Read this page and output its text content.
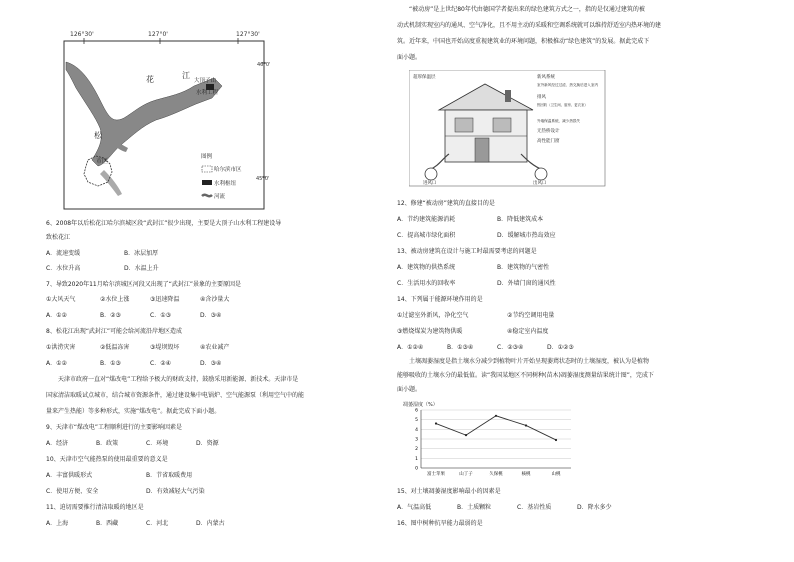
126°30'	127°0'	127°30'
46°0'
45°0'
大顶子山
水利工程
花	江
松
市区
图例
哈尔滨市区
水利枢纽
河流
6、2008年以后松花江哈尔滨城区段“武封江”很少出现，主要是大顶子山水利工程建设导
致松花江
A．流速变缓	B．冰层加厚
C．水位升高	D．水温上升
7、导致2020年11月哈尔滨城区河段又出现了“武封江”景象的主要原因是
①大风天气	②水位上涨	③迅速降温	④含沙量大
A．①②	B．②③	C．①③	D．③④
8、松花江出现“武封江”可能会给河流沿岸地区造成
①洪涝灾害	②低温冻害	③堤坝毁坏	④农业减产
A．①②	B．①③	C．②④	D．③④
天津市政府一直对“煤改电”工程给予极大的财政支持，鼓励采用新能源、新技术。天津市是
国家清洁取暖试点城市，结合城市资源条件，通过建设集中电锅炉、空气能源泵（利用空气中的能
量来产生热能）等多种形式，实施“煤改电”。据此完成下面小题。
9、天津市“煤改电”工程顺利进行的主要影响因素是
A．经济	B．政策	C．环境	D．资源
10、天津市空气能热泵的使用最重要的意义是
A．丰富供暖形式	B．节省取暖费用
C．使用方便、安全	D．有效减轻大气污染
11、迫切需要推行清洁取暖的地区是
A．上海	B．西藏	C．河北	D．内蒙古
“被动房”是上世纪80年代由德国学者提出来的绿色建筑方式之一，指的是仅通过建筑的被
动式机制实现室内的通风、空气净化，且不用主动的采暖和空调系统就可以维持舒适室内热环境的建
筑。近年来，中国也开始高度重视建筑业的环境问题，积极推动“绿色建筑”的发展。据此完成下
面小题。
进风口	出风口
新风系统
室外新风经过过滤、热交换后进入室内
超厚保温层
排风
热回收（卫生间、厨房、更衣室）
外墙保温系统，减少热损失
无热桥设计
高性能门窗
12、修建“被动房”建筑的直接目的是
A．节约建筑能源消耗	B．降低建筑成本
C．提高城市绿化面积	D．缓解城市热岛效应
13、被动房建筑在设计与施工时最需要考虑的问题是
A．建筑物的供热系统	B．建筑物的气密性
C．生活用水的回收率	D．外墙门窗的通风性
14、下列属于能源环境作用的是
①过滤室外新风，净化空气	②节约空调用电量
③燃烧煤炭为建筑物供暖	④稳定室内温度
A．①②④	B．①③④	C．②③④	D．①②③
土壤凋萎湿度是指土壤水分减少到植物叶片开始呈现萎蔫状态时的土壤湿度，被认为是植物
能够吸收的土壤水分的最低值。读“我国某地区不同树种(苗木)凋萎湿度测量结果统计图”，完成下
面小题。
凋萎湿度（%）
富士苹果	山丁子	久保桃	核桃	山桃
0
1
2
3
4
5
6
15、对土壤凋萎湿度影响最小的因素是
A．气温高低	B．土质颗粒	C．基岩性质	D．降水多少
16、图中树种抗旱能力最弱的是
